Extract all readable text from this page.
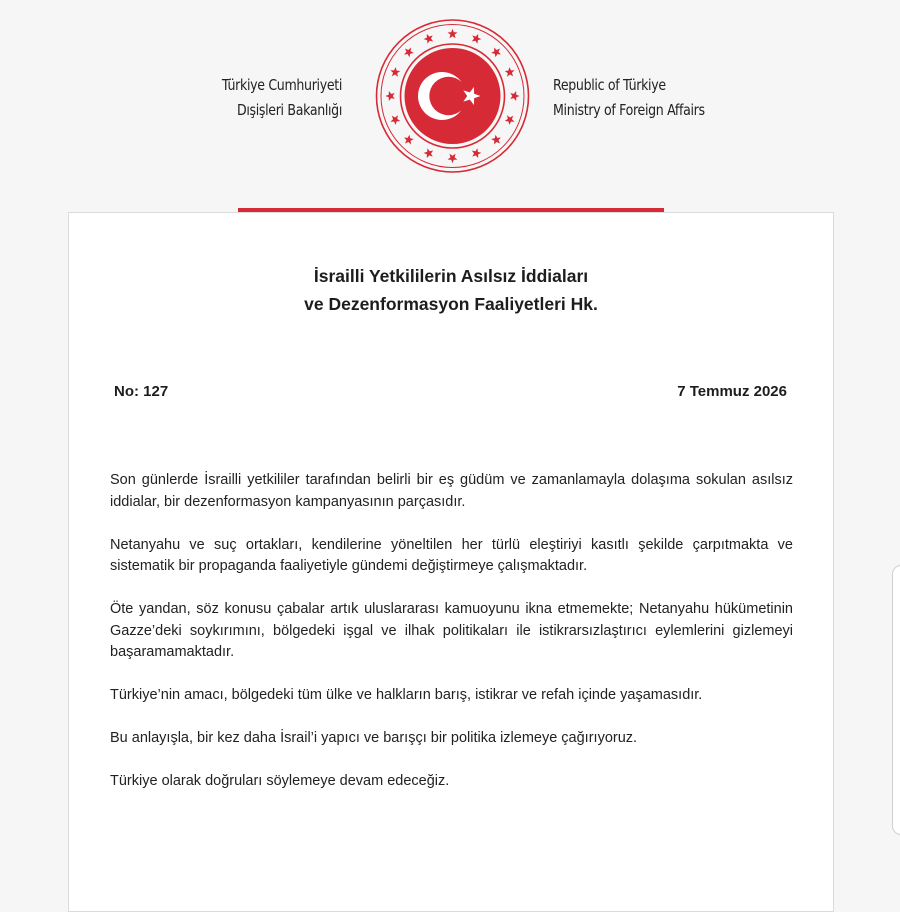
Türkiye Cumhuriyeti
Dışişleri Bakanlığı
Republic of Türkiye
Ministry of Foreign Affairs
İsrailli Yetkililerin Asılsız İddiaları
ve Dezenformasyon Faaliyetleri Hk.
No: 127	7 Temmuz 2026

Son günlerde İsrailli yetkililer tarafından belirli bir eş güdüm ve zamanlamayla dolaşıma sokulan asılsız iddialar, bir dezenformasyon kampanyasının parçasıdır.

Netanyahu ve suç ortakları, kendilerine yöneltilen her türlü eleştiriyi kasıtlı şekilde çarpıtmakta ve sistematik bir propaganda faaliyetiyle gündemi değiştirmeye çalışmaktadır.

Öte yandan, söz konusu çabalar artık uluslararası kamuoyunu ikna etmemekte; Netanyahu hükümetinin Gazze’deki soykırımını, bölgedeki işgal ve ilhak politikaları ile istikrarsızlaştırıcı eylemlerini gizlemeyi başaramamaktadır.

Türkiye’nin amacı, bölgedeki tüm ülke ve halkların barış, istikrar ve refah içinde yaşamasıdır.

Bu anlayışla, bir kez daha İsrail’i yapıcı ve barışçı bir politika izlemeye çağırıyoruz.

Türkiye olarak doğruları söylemeye devam edeceğiz.
